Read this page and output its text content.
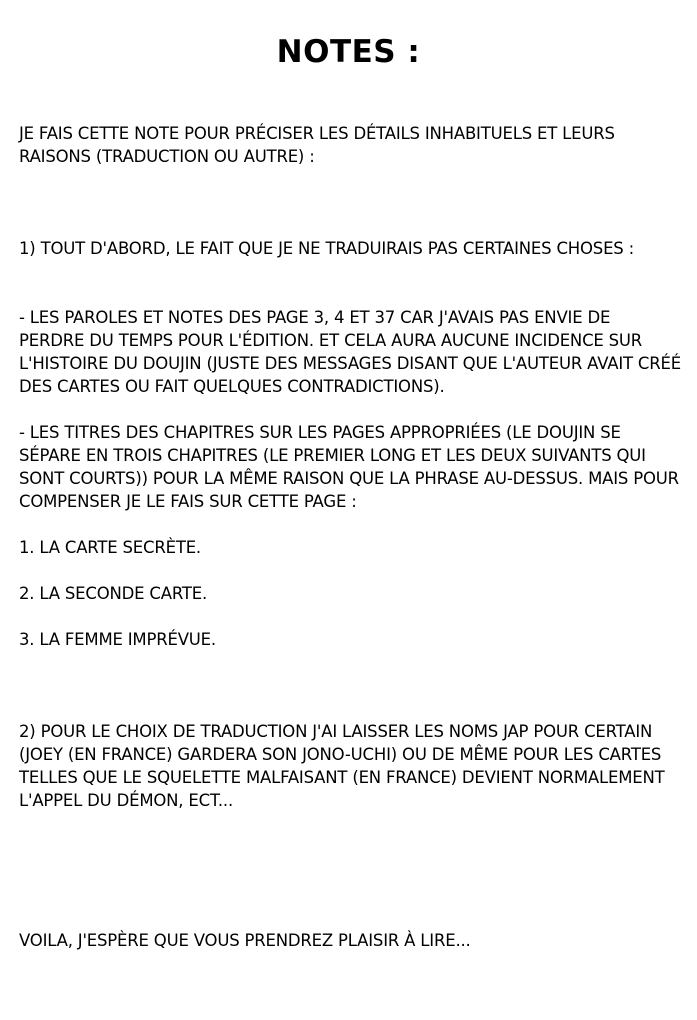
NOTES :

JE FAIS CETTE NOTE POUR PRÉCISER LES DÉTAILS INHABITUELS ET LEURS
RAISONS (TRADUCTION OU AUTRE) :

1) TOUT D'ABORD, LE FAIT QUE JE NE TRADUIRAIS PAS CERTAINES CHOSES :

- LES PAROLES ET NOTES DES PAGE 3, 4 ET 37 CAR J'AVAIS PAS ENVIE DE
PERDRE DU TEMPS POUR L'ÉDITION. ET CELA AURA AUCUNE INCIDENCE SUR
L'HISTOIRE DU DOUJIN (JUSTE DES MESSAGES DISANT QUE L'AUTEUR AVAIT CRÉÉ
DES CARTES OU FAIT QUELQUES CONTRADICTIONS).

- LES TITRES DES CHAPITRES SUR LES PAGES APPROPRIÉES (LE DOUJIN SE
SÉPARE EN TROIS CHAPITRES (LE PREMIER LONG ET LES DEUX SUIVANTS QUI
SONT COURTS)) POUR LA MÊME RAISON QUE LA PHRASE AU-DESSUS. MAIS POUR
COMPENSER JE LE FAIS SUR CETTE PAGE :

1. LA CARTE SECRÈTE.

2. LA SECONDE CARTE.

3. LA FEMME IMPRÉVUE.

2) POUR LE CHOIX DE TRADUCTION J'AI LAISSER LES NOMS JAP POUR CERTAIN
(JOEY (EN FRANCE) GARDERA SON JONO-UCHI) OU DE MÊME POUR LES CARTES
TELLES QUE LE SQUELETTE MALFAISANT (EN FRANCE) DEVIENT NORMALEMENT
L'APPEL DU DÉMON, ECT...

VOILA, J'ESPÈRE QUE VOUS PRENDREZ PLAISIR À LIRE...
